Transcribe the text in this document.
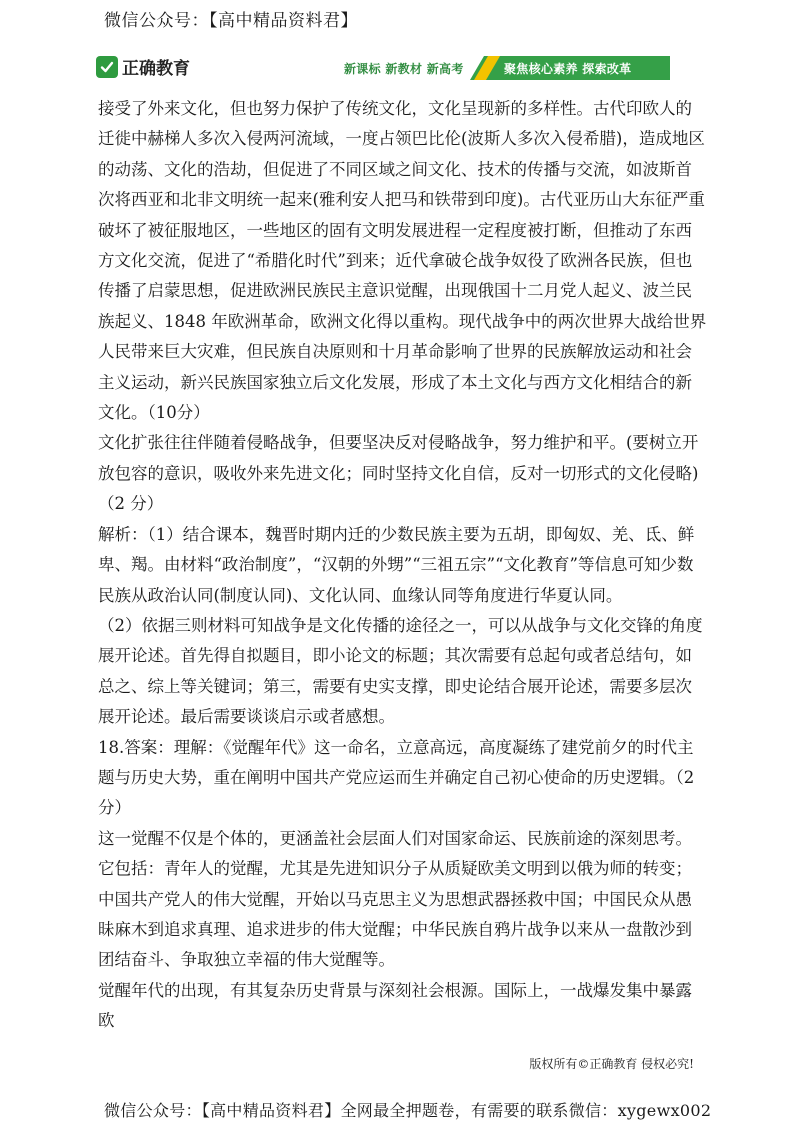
微信公众号：【高中精品资料君】
正确教育	新课标 新教材 新高考	聚焦核心素养 探索改革

接受了外来文化，但也努力保护了传统文化，文化呈现新的多样性。古代印欧人的迁徙中赫梯人多次入侵两河流域，一度占领巴比伦(波斯人多次入侵希腊)，造成地区的动荡、文化的浩劫，但促进了不同区域之间文化、技术的传播与交流，如波斯首次将西亚和北非文明统一起来(雅利安人把马和铁带到印度)。古代亚历山大东征严重破坏了被征服地区，一些地区的固有文明发展进程一定程度被打断，但推动了东西方文化交流，促进了“希腊化时代”到来；近代拿破仑战争奴役了欧洲各民族，但也传播了启蒙思想，促进欧洲民族民主意识觉醒，出现俄国十二月党人起义、波兰民族起义、1848 年欧洲革命，欧洲文化得以重构。现代战争中的两次世界大战给世界人民带来巨大灾难，但民族自决原则和十月革命影响了世界的民族解放运动和社会主义运动，新兴民族国家独立后文化发展，形成了本土文化与西方文化相结合的新文化。（10分）

文化扩张往往伴随着侵略战争，但要坚决反对侵略战争，努力维护和平。(要树立开放包容的意识，吸收外来先进文化；同时坚持文化自信，反对一切形式的文化侵略)（2 分）

解析：（1）结合课本，魏晋时期内迁的少数民族主要为五胡，即匈奴、羌、氐、鲜卑、羯。由材料“政治制度”，“汉朝的外甥”“三祖五宗”“文化教育”等信息可知少数民族从政治认同(制度认同)、文化认同、血缘认同等角度进行华夏认同。

（2）依据三则材料可知战争是文化传播的途径之一，可以从战争与文化交锋的角度展开论述。首先得自拟题目，即小论文的标题；其次需要有总起句或者总结句，如总之、综上等关键词；第三，需要有史实支撑，即史论结合展开论述，需要多层次展开论述。最后需要谈谈启示或者感想。

18.答案：理解：《觉醒年代》这一命名，立意高远，高度凝练了建党前夕的时代主题与历史大势，重在阐明中国共产党应运而生并确定自己初心使命的历史逻辑。（2分）

这一觉醒不仅是个体的，更涵盖社会层面人们对国家命运、民族前途的深刻思考。它包括：青年人的觉醒，尤其是先进知识分子从质疑欧美文明到以俄为师的转变；中国共产党人的伟大觉醒，开始以马克思主义为思想武器拯救中国；中国民众从愚昧麻木到追求真理、追求进步的伟大觉醒；中华民族自鸦片战争以来从一盘散沙到团结奋斗、争取独立幸福的伟大觉醒等。

觉醒年代的出现，有其复杂历史背景与深刻社会根源。国际上，一战爆发集中暴露欧

版权所有©正确教育 侵权必究!
微信公众号：【高中精品资料君】全网最全押题卷，有需要的联系微信：xygewx002
